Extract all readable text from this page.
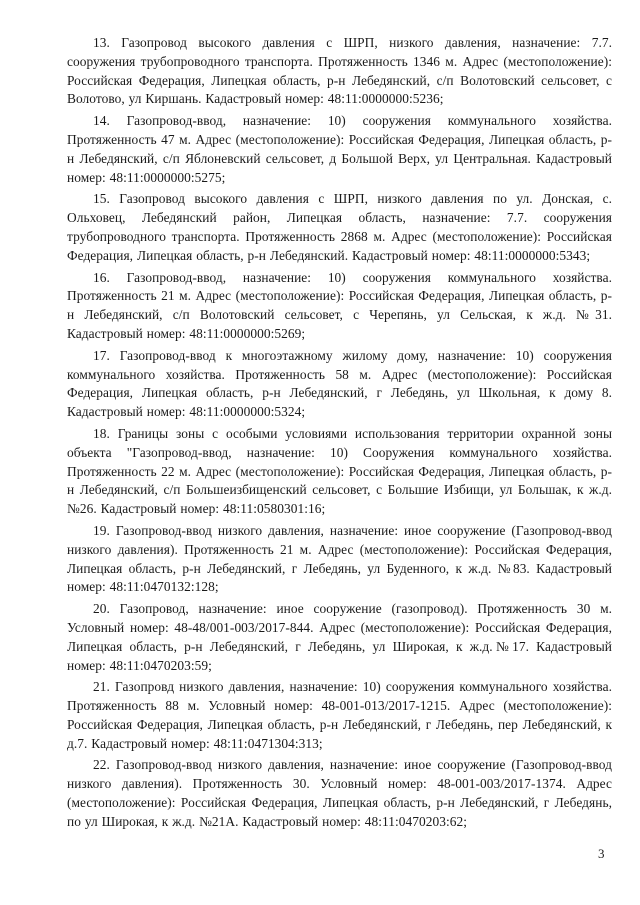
13. Газопровод высокого давления с ШРП, низкого давления, назначение: 7.7. сооружения трубопроводного транспорта. Протяженность 1346 м. Адрес (местоположение): Российская Федерация, Липецкая область, р-н Лебедянский, с/п Волотовский сельсовет, с Волотово, ул Киршань. Кадастровый номер: 48:11:0000000:5236;

14. Газопровод-ввод, назначение: 10) сооружения коммунального хозяйства. Протяженность 47 м. Адрес (местоположение): Российская Федерация, Липецкая область, р-н Лебедянский, с/п Яблоневский сельсовет, д Большой Верх, ул Центральная. Кадастровый номер: 48:11:0000000:5275;

15. Газопровод высокого давления с ШРП, низкого давления по ул. Донская, с. Ольховец, Лебедянский район, Липецкая область, назначение: 7.7. сооружения трубопроводного транспорта. Протяженность 2868 м. Адрес (местоположение): Российская Федерация, Липецкая область, р-н Лебедянский. Кадастровый номер: 48:11:0000000:5343;

16. Газопровод-ввод, назначение: 10) сооружения коммунального хозяйства. Протяженность 21 м. Адрес (местоположение): Российская Федерация, Липецкая область, р-н Лебедянский, с/п Волотовский сельсовет, с Черепянь, ул Сельская, к ж.д. №31. Кадастровый номер: 48:11:0000000:5269;

17. Газопровод-ввод к многоэтажному жилому дому, назначение: 10) сооружения коммунального хозяйства. Протяженность 58 м. Адрес (местоположение): Российская Федерация, Липецкая область, р-н Лебедянский, г Лебедянь, ул Школьная, к дому 8. Кадастровый номер: 48:11:0000000:5324;

18. Границы зоны с особыми условиями использования территории охранной зоны объекта "Газопровод-ввод, назначение: 10) Сооружения коммунального хозяйства. Протяженность 22 м. Адрес (местоположение): Российская Федерация, Липецкая область, р-н Лебедянский, с/п Большеизбищенский сельсовет, с Большие Избищи, ул Большак, к ж.д. №26. Кадастровый номер: 48:11:0580301:16;

19. Газопровод-ввод низкого давления, назначение: иное сооружение (Газопровод-ввод низкого давления). Протяженность 21 м. Адрес (местоположение): Российская Федерация, Липецкая область, р-н Лебедянский, г Лебедянь, ул Буденного, к ж.д. №83. Кадастровый номер: 48:11:0470132:128;

20. Газопровод, назначение: иное сооружение (газопровод). Протяженность 30 м. Условный номер: 48-48/001-003/2017-844. Адрес (местоположение): Российская Федерация, Липецкая область, р-н Лебедянский, г Лебедянь, ул Широкая, к ж.д.№17. Кадастровый номер: 48:11:0470203:59;

21. Газопровд низкого давления, назначение: 10) сооружения коммунального хозяйства. Протяженность 88 м. Условный номер: 48-001-013/2017-1215. Адрес (местоположение): Российская Федерация, Липецкая область, р-н Лебедянский, г Лебедянь, пер Лебедянский, к д.7. Кадастровый номер: 48:11:0471304:313;

22. Газопровод-ввод низкого давления, назначение: иное сооружение (Газопровод-ввод низкого давления). Протяженность 30. Условный номер: 48-001-003/2017-1374. Адрес (местоположение): Российская Федерация, Липецкая область, р-н Лебедянский, г Лебедянь, по ул Широкая, к ж.д. №21А. Кадастровый номер: 48:11:0470203:62;

3
